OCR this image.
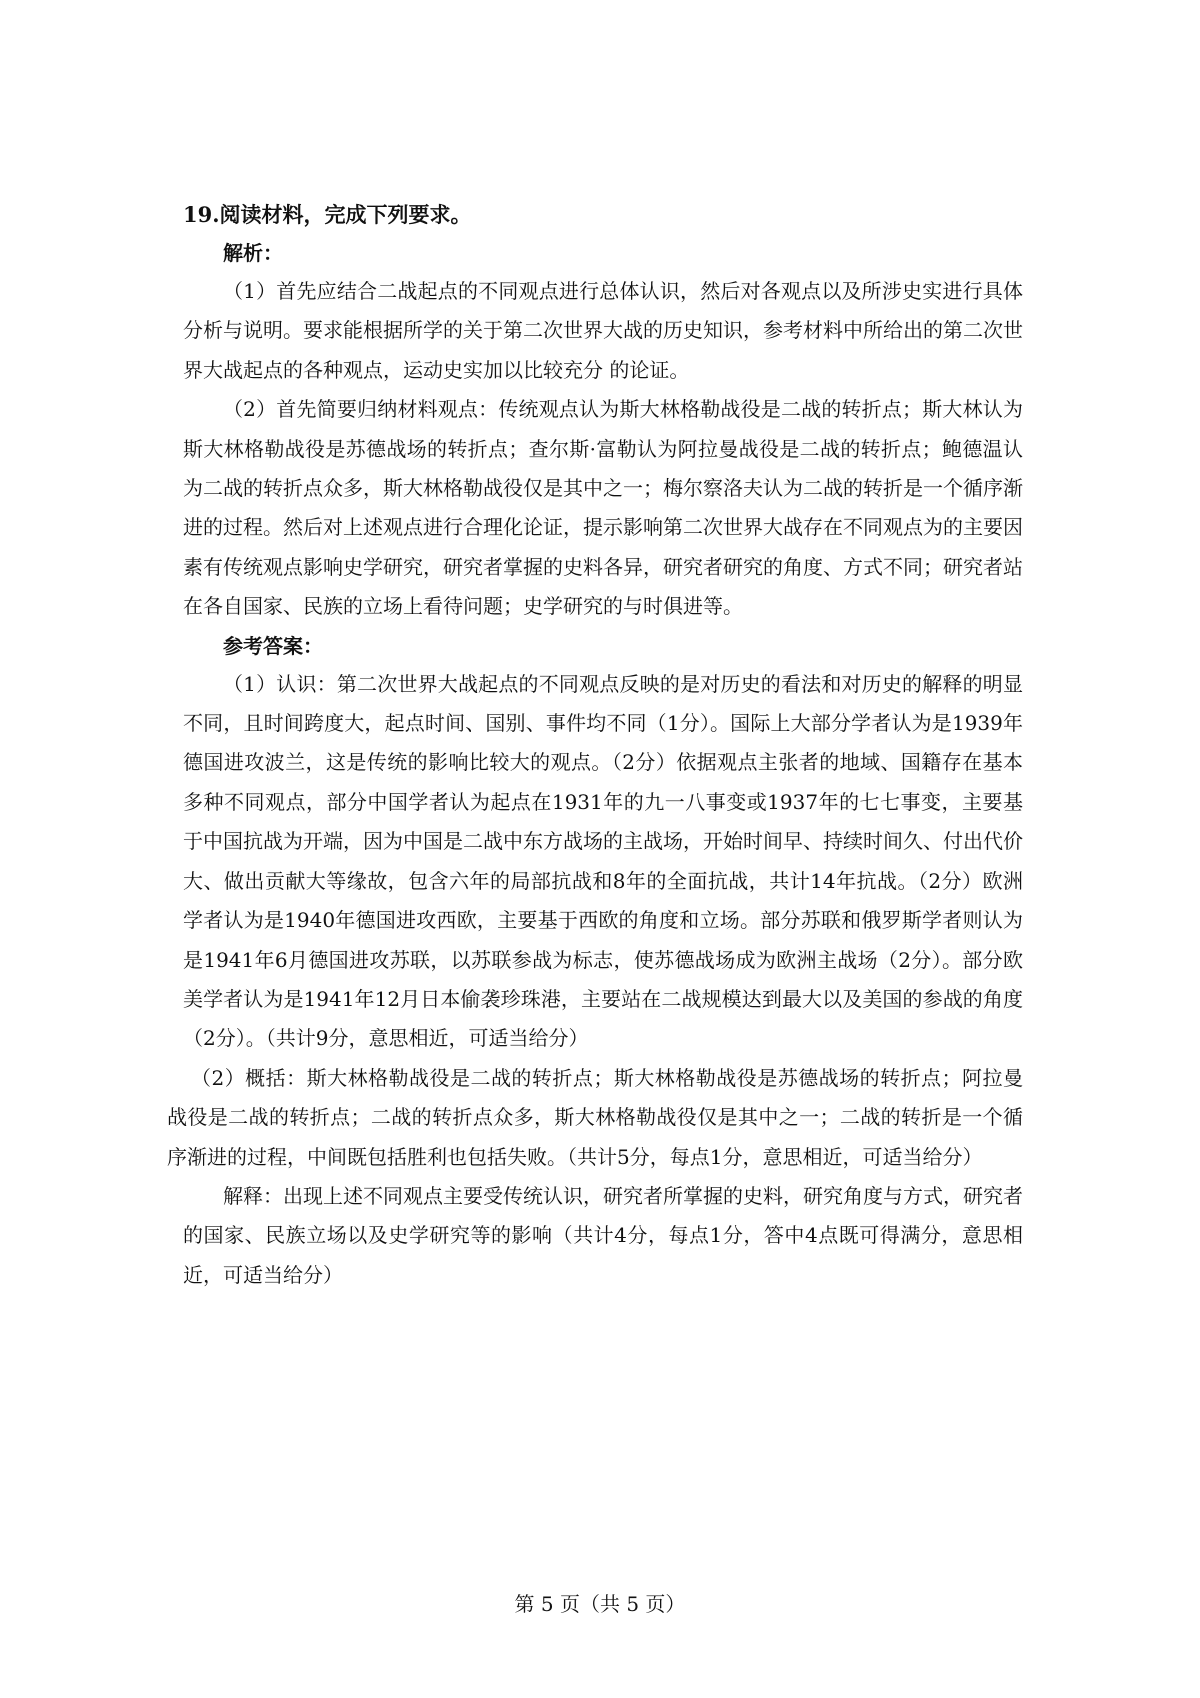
19.阅读材料，完成下列要求。

解析：

（1）首先应结合二战起点的不同观点进行总体认识，然后对各观点以及所涉史实进行具体分析与说明。要求能根据所学的关于第二次世界大战的历史知识，参考材料中所给出的第二次世界大战起点的各种观点，运动史实加以比较充分 的论证。

（2）首先简要归纳材料观点：传统观点认为斯大林格勒战役是二战的转折点；斯大林认为斯大林格勒战役是苏德战场的转折点；查尔斯·富勒认为阿拉曼战役是二战的转折点；鲍德温认为二战的转折点众多，斯大林格勒战役仅是其中之一；梅尔察洛夫认为二战的转折是一个循序渐进的过程。然后对上述观点进行合理化论证，提示影响第二次世界大战存在不同观点为的主要因素有传统观点影响史学研究，研究者掌握的史料各异，研究者研究的角度、方式不同；研究者站在各自国家、民族的立场上看待问题；史学研究的与时俱进等。

参考答案：

（1）认识：第二次世界大战起点的不同观点反映的是对历史的看法和对历史的解释的明显不同，且时间跨度大，起点时间、国别、事件均不同（1分）。国际上大部分学者认为是1939年德国进攻波兰，这是传统的影响比较大的观点。（2分）依据观点主张者的地域、国籍存在基本多种不同观点，部分中国学者认为起点在1931年的九一八事变或1937年的七七事变，主要基于中国抗战为开端，因为中国是二战中东方战场的主战场，开始时间早、持续时间久、付出代价大、做出贡献大等缘故，包含六年的局部抗战和8年的全面抗战，共计14年抗战。（2分）欧洲学者认为是1940年德国进攻西欧，主要基于西欧的角度和立场。部分苏联和俄罗斯学者则认为是1941年6月德国进攻苏联，以苏联参战为标志，使苏德战场成为欧洲主战场（2分）。部分欧美学者认为是1941年12月日本偷袭珍珠港，主要站在二战规模达到最大以及美国的参战的角度（2分）。（共计9分，意思相近，可适当给分）

（2）概括：斯大林格勒战役是二战的转折点；斯大林格勒战役是苏德战场的转折点；阿拉曼战役是二战的转折点；二战的转折点众多，斯大林格勒战役仅是其中之一；二战的转折是一个循序渐进的过程，中间既包括胜利也包括失败。（共计5分，每点1分，意思相近，可适当给分）

解释：出现上述不同观点主要受传统认识，研究者所掌握的史料，研究角度与方式，研究者的国家、民族立场以及史学研究等的影响（共计4分，每点1分，答中4点既可得满分，意思相近，可适当给分）

第 5 页（共 5 页）
